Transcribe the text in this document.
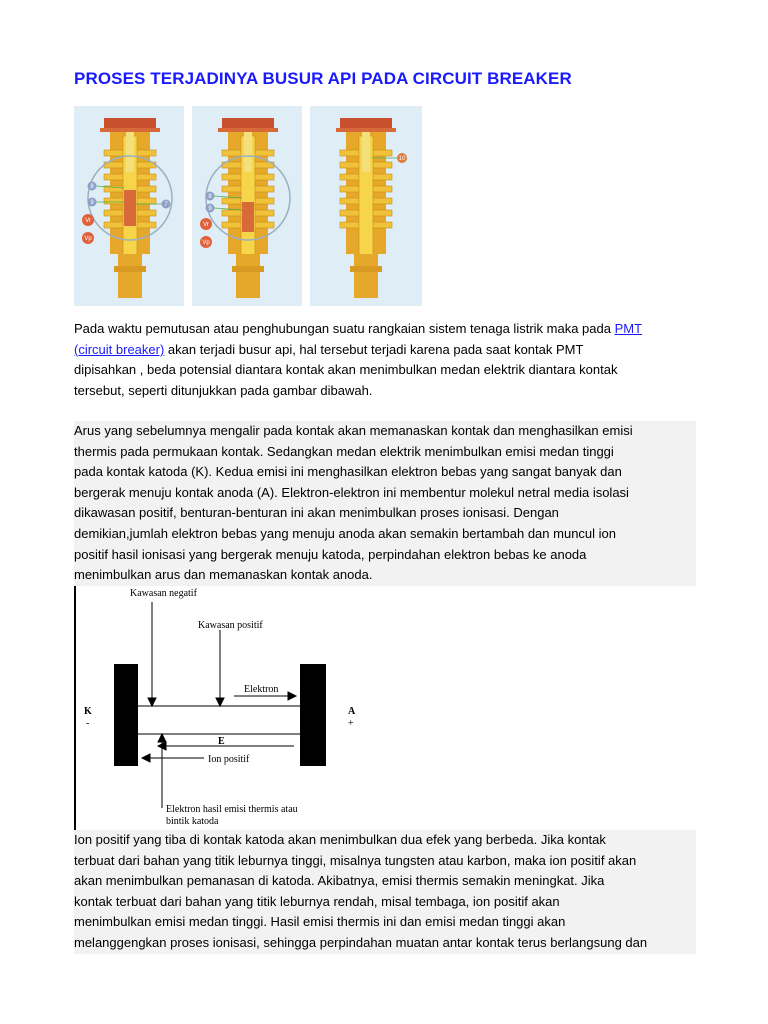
PROSES TERJADINYA BUSUR API PADA CIRCUIT BREAKER
8
9	7
Vr
Vp
8
9
Vr
Vp
10
Pada waktu pemutusan atau penghubungan suatu rangkaian sistem tenaga listrik maka pada PMT
(circuit breaker) akan terjadi busur api, hal tersebut terjadi karena pada saat kontak PMT
dipisahkan , beda potensial diantara kontak akan menimbulkan medan elektrik diantara kontak
tersebut, seperti ditunjukkan pada gambar dibawah.
Arus yang sebelumnya mengalir pada kontak akan memanaskan kontak dan menghasilkan emisi
thermis pada permukaan kontak. Sedangkan medan elektrik menimbulkan emisi medan tinggi
pada kontak katoda (K). Kedua emisi ini menghasilkan elektron bebas yang sangat banyak dan
bergerak menuju kontak anoda (A). Elektron-elektron ini membentur molekul netral media isolasi
dikawasan positif, benturan-benturan ini akan menimbulkan proses ionisasi. Dengan
demikian,jumlah elektron bebas yang menuju anoda akan semakin bertambah dan muncul ion
positif hasil ionisasi yang bergerak menuju katoda, perpindahan elektron bebas ke anoda
menimbulkan arus dan memanaskan kontak anoda.
Kawasan negatif
Kawasan positif
Elektron
K
-
A
+
E
Ion positif
Elektron hasil emisi thermis atau
bintik katoda
Ion positif yang tiba di kontak katoda akan menimbulkan dua efek yang berbeda. Jika kontak
terbuat dari bahan yang titik leburnya tinggi, misalnya tungsten atau karbon, maka ion positif akan
akan menimbulkan pemanasan di katoda. Akibatnya, emisi thermis semakin meningkat. Jika
kontak terbuat dari bahan yang titik leburnya rendah, misal tembaga, ion positif akan
menimbulkan emisi medan tinggi. Hasil emisi thermis ini dan emisi medan tinggi akan
melanggengkan proses ionisasi, sehingga perpindahan muatan antar kontak terus berlangsung dan
